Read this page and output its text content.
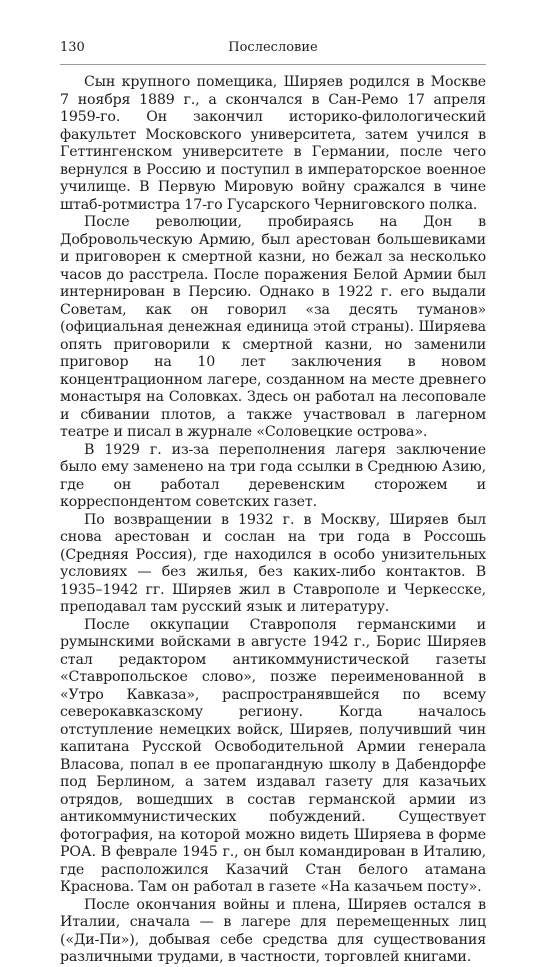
130	Послесловие

Сын крупного помещика, Ширяев родился в Москве 7 ноября 1889 г., а скончался в Сан-Ремо 17 апреля 1959-го. Он закончил историко-филологический факультет Московского университета, затем учился в Геттингенском университете в Германии, после чего вернулся в Россию и поступил в императорское военное училище. В Первую Мировую войну сражался в чине штаб-ротмистра 17-го Гусарского Черниговского полка.

После революции, пробираясь на Дон в Добровольческую Армию, был арестован большевиками и приговорен к смертной казни, но бежал за несколько часов до расстрела. После поражения Белой Армии был интернирован в Персию. Однако в 1922 г. его выдали Советам, как он говорил «за десять туманов» (официальная денежная единица этой страны). Ширяева опять приговорили к смертной казни, но заменили приговор на 10 лет заключения в новом концентрационном лагере, созданном на месте древнего монастыря на Соловках. Здесь он работал на лесоповале и сбивании плотов, а также участвовал в лагерном театре и писал в журнале «Соловецкие острова».

В 1929 г. из-за переполнения лагеря заключение было ему заменено на три года ссылки в Среднюю Азию, где он работал деревенским сторожем и корреспондентом советских газет.

По возвращении в 1932 г. в Москву, Ширяев был снова арестован и сослан на три года в Россошь (Средняя Россия), где находился в особо унизительных условиях — без жилья, без каких-либо контактов. В 1935–1942 гг. Ширяев жил в Ставрополе и Черкесске, преподавал там русский язык и литературу.

После оккупации Ставрополя германскими и румынскими войсками в августе 1942 г., Борис Ширяев стал редактором антикоммунистической газеты «Ставропольское слово», позже переименованной в «Утро Кавказа», распространявшейся по всему северокавказскому региону. Когда началось отступление немецких войск, Ширяев, получивший чин капитана Русской Освободительной Армии генерала Власова, попал в ее пропагандную школу в Дабендорфе под Берлином, а затем издавал газету для казачьих отрядов, вошедших в состав германской армии из антикоммунистических побуждений. Существует фотография, на которой можно видеть Ширяева в форме РОА. В феврале 1945 г., он был командирован в Италию, где расположился Казачий Стан белого атамана Краснова. Там он работал в газете «На казачьем посту».

После окончания войны и плена, Ширяев остался в Италии, сначала — в лагере для перемещенных лиц («Ди-Пи»), добывая себе средства для существования различными трудами, в частности, торговлей книгами.
